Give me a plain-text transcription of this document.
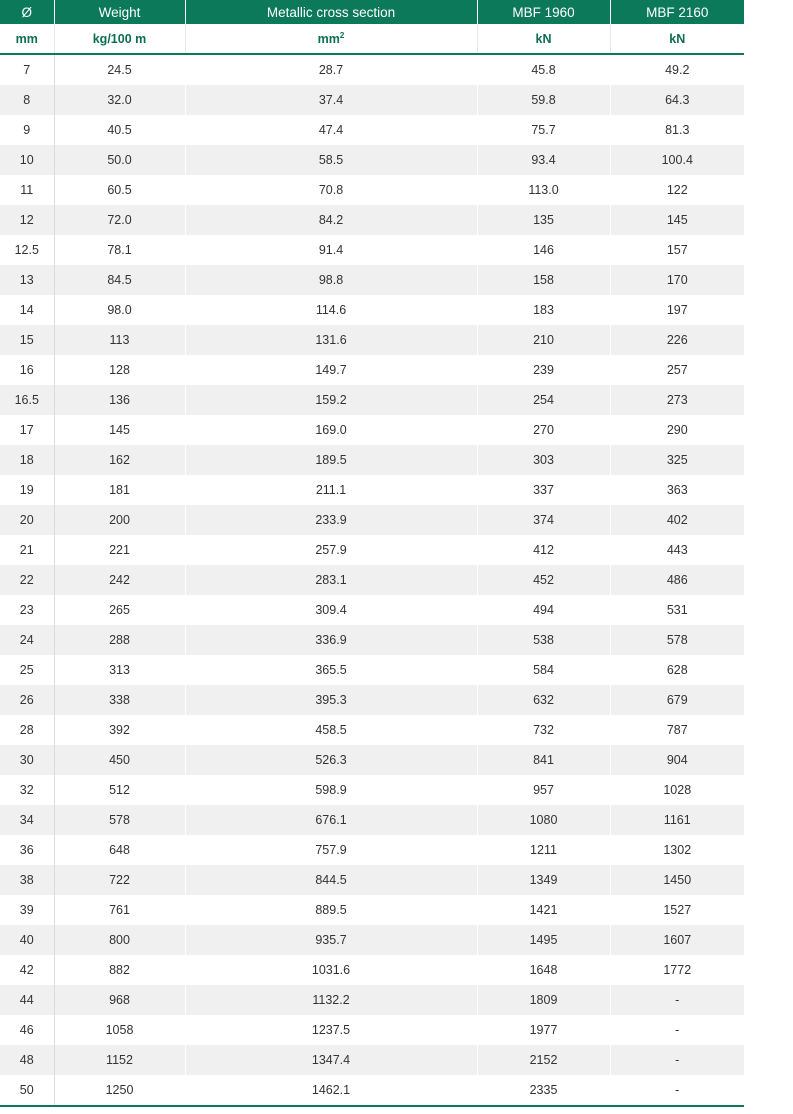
Ø	Weight	Metallic cross section	MBF 1960	MBF 2160
mm	kg/100 m	$mm^2$	kN	kN
7	24.5	28.7	45.8	49.2
8	32.0	37.4	59.8	64.3
9	40.5	47.4	75.7	81.3
10	50.0	58.5	93.4	100.4
11	60.5	70.8	113.0	122
12	72.0	84.2	135	145
12.5	78.1	91.4	146	157
13	84.5	98.8	158	170
14	98.0	114.6	183	197
15	113	131.6	210	226
16	128	149.7	239	257
16.5	136	159.2	254	273
17	145	169.0	270	290
18	162	189.5	303	325
19	181	211.1	337	363
20	200	233.9	374	402
21	221	257.9	412	443
22	242	283.1	452	486
23	265	309.4	494	531
24	288	336.9	538	578
25	313	365.5	584	628
26	338	395.3	632	679
28	392	458.5	732	787
30	450	526.3	841	904
32	512	598.9	957	1028
34	578	676.1	1080	1161
36	648	757.9	1211	1302
38	722	844.5	1349	1450
39	761	889.5	1421	1527
40	800	935.7	1495	1607
42	882	1031.6	1648	1772
44	968	1132.2	1809	-
46	1058	1237.5	1977	-
48	1152	1347.4	2152	-
50	1250	1462.1	2335	-
